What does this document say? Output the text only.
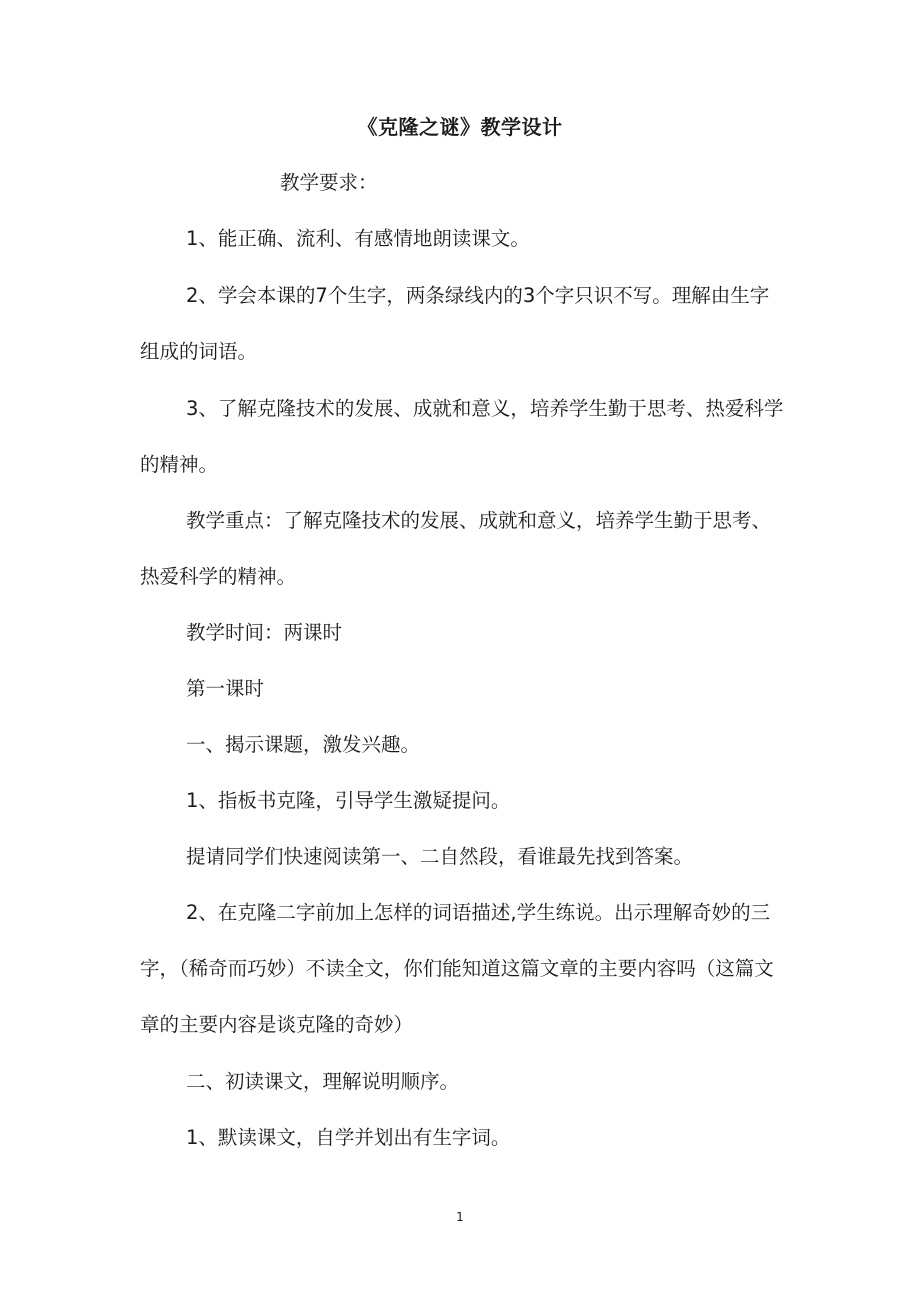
《克隆之谜》教学设计

教学要求：

1、能正确、流利、有感情地朗读课文。

2、学会本课的7个生字，两条绿线内的3个字只识不写。理解由生字组成的词语。

3、了解克隆技术的发展、成就和意义，培养学生勤于思考、热爱科学的精神。

教学重点：了解克隆技术的发展、成就和意义，培养学生勤于思考、热爱科学的精神。

教学时间：两课时

第一课时

一、揭示课题，激发兴趣。

1、指板书克隆，引导学生激疑提问。

提请同学们快速阅读第一、二自然段，看谁最先找到答案。

2、在克隆二字前加上怎样的词语描述,学生练说。出示理解奇妙的三字，（稀奇而巧妙）不读全文，你们能知道这篇文章的主要内容吗（这篇文章的主要内容是谈克隆的奇妙）

二、初读课文，理解说明顺序。

1、默读课文，自学并划出有生字词。

1
